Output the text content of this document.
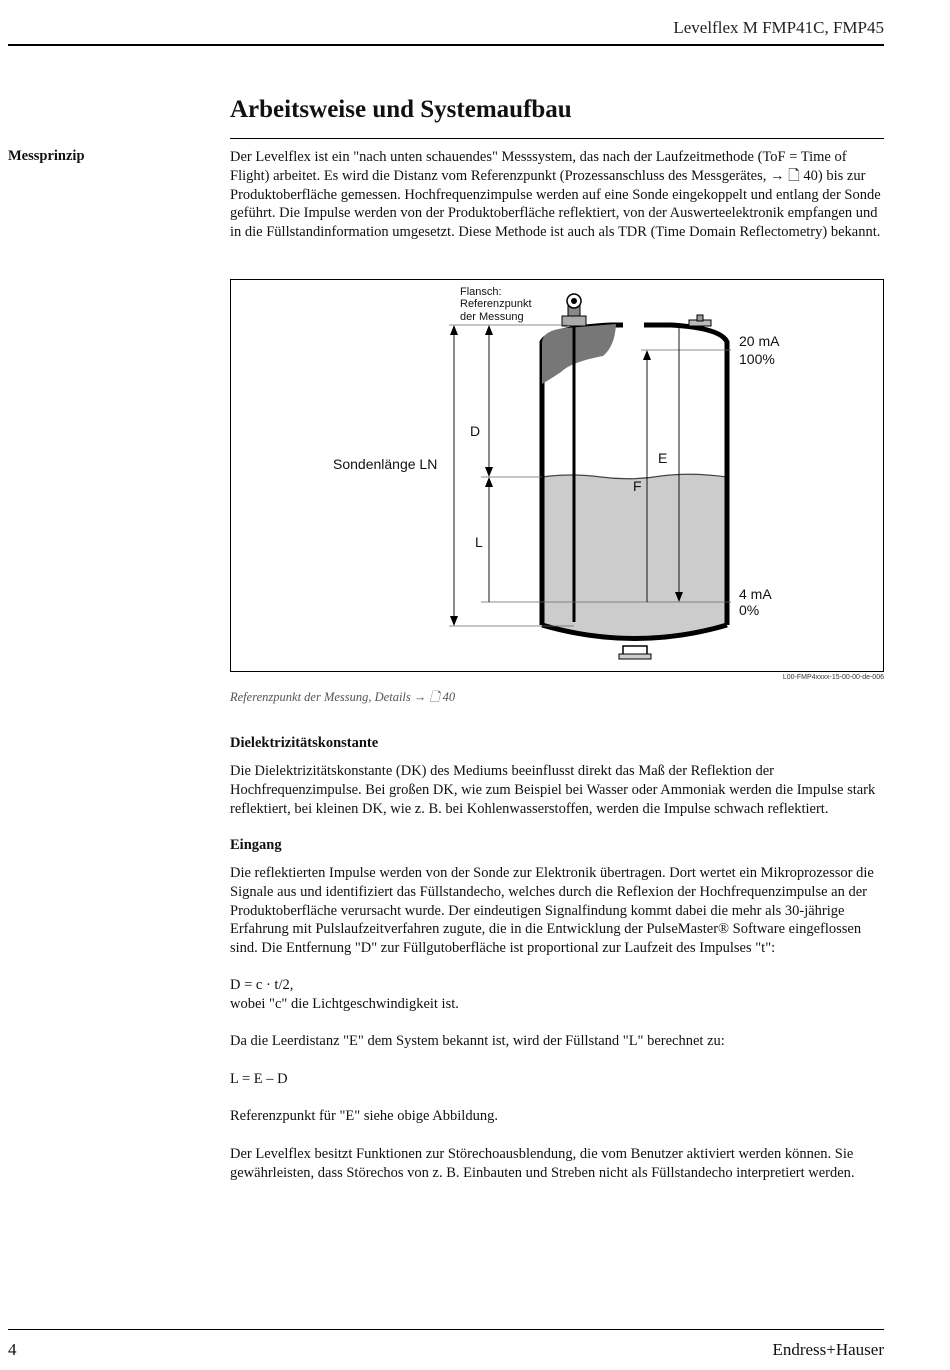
Levelflex M FMP41C, FMP45
Arbeitsweise und Systemaufbau
Messprinzip	Der Levelflex ist ein "nach unten schauendes" Messsystem, das nach der Laufzeitmethode (ToF = Time of Flight) arbeitet. Es wird die Distanz vom Referenzpunkt (Prozessanschluss des Messgerätes, → 🗋 40) bis zur Produktoberfläche gemessen. Hochfrequenzimpulse werden auf eine Sonde eingekoppelt und entlang der Sonde geführt. Die Impulse werden von der Produktoberfläche reflektiert, von der Auswerteelektronik empfangen und in die Füllstandinformation umgesetzt. Diese Methode ist auch als TDR (Time Domain Reflectometry) bekannt.

Flansch:
Referenzpunkt
der Messung
Sondenlänge LN
D
L
E
F
20 mA
100%
4 mA
0%
L00-FMP4xxxx-15-00-00-de-006
Referenzpunkt der Messung, Details → 🗋 40
Dielektrizitätskonstante

Die Dielektrizitätskonstante (DK) des Mediums beeinflusst direkt das Maß der Reflektion der Hochfrequenzimpulse. Bei großen DK, wie zum Beispiel bei Wasser oder Ammoniak werden die Impulse stark reflektiert, bei kleinen DK, wie z. B. bei Kohlenwasserstoffen, werden die Impulse schwach reflektiert.

Eingang

Die reflektierten Impulse werden von der Sonde zur Elektronik übertragen. Dort wertet ein Mikroprozessor die Signale aus und identifiziert das Füllstandecho, welches durch die Reflexion der Hochfrequenzimpulse an der Produktoberfläche verursacht wurde. Der eindeutigen Signalfindung kommt dabei die mehr als 30-jährige Erfahrung mit Pulslaufzeitverfahren zugute, die in die Entwicklung der PulseMaster® Software eingeflossen sind. Die Entfernung "D" zur Füllgutoberfläche ist proportional zur Laufzeit des Impulses "t":

D = c · t/2,

wobei "c" die Lichtgeschwindigkeit ist.

Da die Leerdistanz "E" dem System bekannt ist, wird der Füllstand "L" berechnet zu:

L = E – D

Referenzpunkt für "E" siehe obige Abbildung.

Der Levelflex besitzt Funktionen zur Störechoausblendung, die vom Benutzer aktiviert werden können. Sie gewährleisten, dass Störechos von z. B. Einbauten und Streben nicht als Füllstandecho interpretiert werden.

4	Endress+Hauser
